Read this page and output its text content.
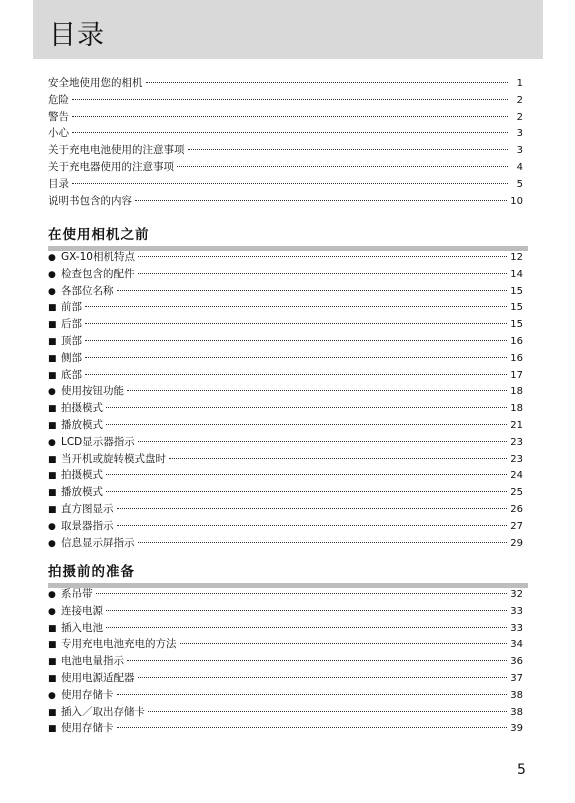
目录
安全地使用您的相机	1
危险	2
警告	2
小心	3
关于充电电池使用的注意事项	3
关于充电器使用的注意事项	4
目录	5
说明书包含的内容	10
在使用相机之前
● GX-10相机特点	12
● 检查包含的配件	14
● 各部位名称	15
■ 前部	15
■ 后部	15
■ 顶部	16
■ 侧部	16
■ 底部	17
● 使用按钮功能	18
■ 拍摄模式	18
■ 播放模式	21
● LCD显示器指示	23
■ 当开机或旋转模式盘时	23
■ 拍摄模式	24
■ 播放模式	25
■ 直方图显示	26
● 取景器指示	27
● 信息显示屏指示	29
拍摄前的准备
● 系吊带	32
● 连接电源	33
■ 插入电池	33
■ 专用充电电池充电的方法	34
■ 电池电量指示	36
■ 使用电源适配器	37
● 使用存储卡	38
■ 插入／取出存储卡	38
■ 使用存储卡	39
5
